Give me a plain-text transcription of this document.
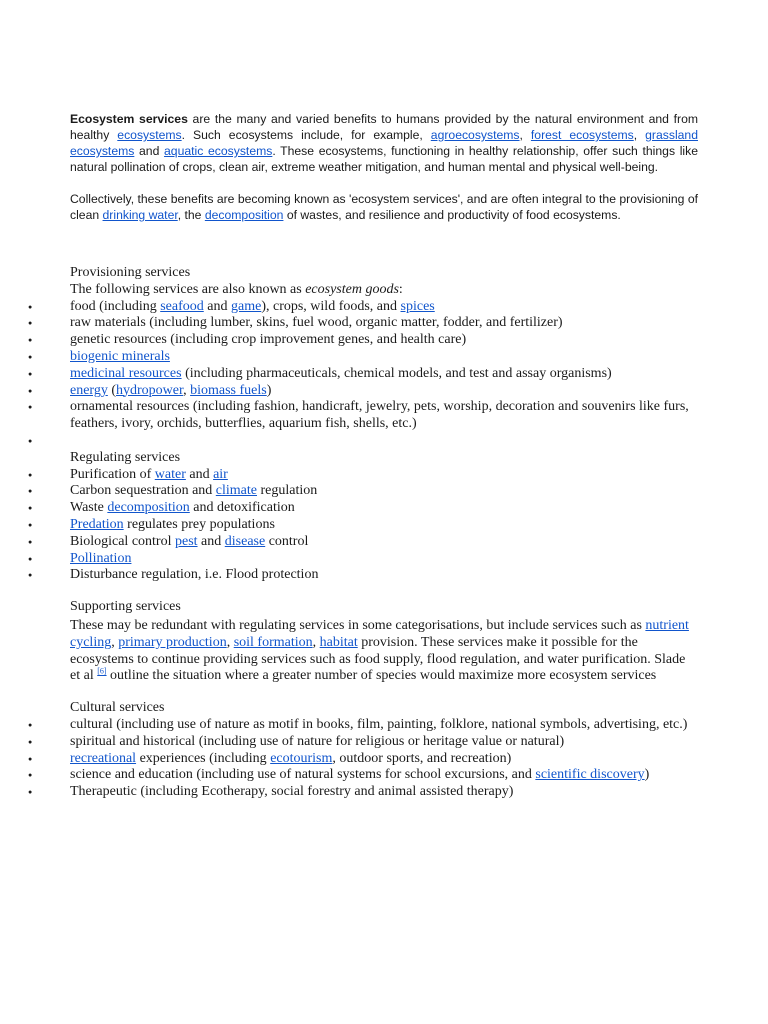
Ecosystem services are the many and varied benefits to humans provided by the natural environment and from healthy ecosystems. Such ecosystems include, for example, agroecosystems, forest ecosystems, grassland ecosystems and aquatic ecosystems. These ecosystems, functioning in healthy relationship, offer such things like natural pollination of crops, clean air, extreme weather mitigation, and human mental and physical well-being.

Collectively, these benefits are becoming known as 'ecosystem services', and are often integral to the provisioning of clean drinking water, the decomposition of wastes, and resilience and productivity of food ecosystems.

Provisioning services

The following services are also known as ecosystem goods:

● food (including seafood and game), crops, wild foods, and spices
● raw materials (including lumber, skins, fuel wood, organic matter, fodder, and fertilizer)
● genetic resources (including crop improvement genes, and health care)
● biogenic minerals
● medicinal resources (including pharmaceuticals, chemical models, and test and assay organisms)
● energy (hydropower, biomass fuels)
● ornamental resources (including fashion, handicraft, jewelry, pets, worship, decoration and souvenirs like furs, feathers, ivory, orchids, butterflies, aquarium fish, shells, etc.)
●

Regulating services

● Purification of water and air
● Carbon sequestration and climate regulation
● Waste decomposition and detoxification
● Predation regulates prey populations
● Biological control pest and disease control
● Pollination
● Disturbance regulation, i.e. Flood protection

Supporting services

These may be redundant with regulating services in some categorisations, but include services such as nutrient cycling, primary production, soil formation, habitat provision. These services make it possible for the ecosystems to continue providing services such as food supply, flood regulation, and water purification. Slade et al [6] outline the situation where a greater number of species would maximize more ecosystem services

Cultural services

● cultural (including use of nature as motif in books, film, painting, folklore, national symbols, advertising, etc.)
● spiritual and historical (including use of nature for religious or heritage value or natural)
● recreational experiences (including ecotourism, outdoor sports, and recreation)
● science and education (including use of natural systems for school excursions, and scientific discovery)
● Therapeutic (including Ecotherapy, social forestry and animal assisted therapy)
